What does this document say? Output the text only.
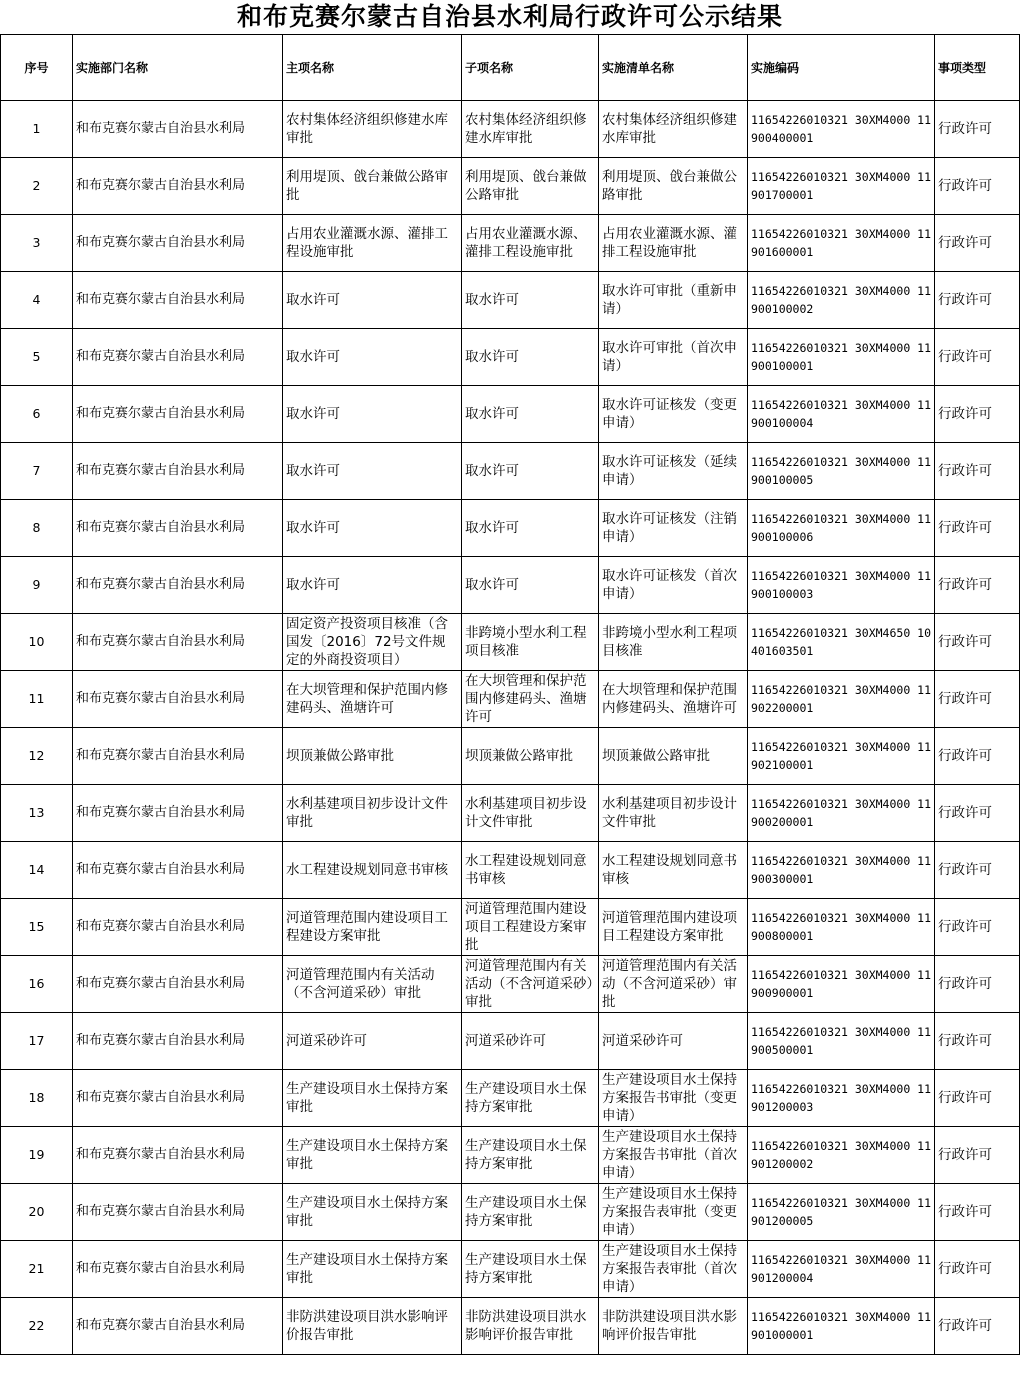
和布克赛尔蒙古自治县水利局行政许可公示结果
序号	实施部门名称	主项名称	子项名称	实施清单名称	实施编码	事项类型
1	和布克赛尔蒙古自治县水利局	农村集体经济组织修建水库审批	农村集体经济组织修建水库审批	农村集体经济组织修建水库审批	11654226010321 30XM4000 11900400001	行政许可
2	和布克赛尔蒙古自治县水利局	利用堤顶、戗台兼做公路审批	利用堤顶、戗台兼做公路审批	利用堤顶、戗台兼做公路审批	11654226010321 30XM4000 11901700001	行政许可
3	和布克赛尔蒙古自治县水利局	占用农业灌溉水源、灌排工程设施审批	占用农业灌溉水源、灌排工程设施审批	占用农业灌溉水源、灌排工程设施审批	11654226010321 30XM4000 11901600001	行政许可
4	和布克赛尔蒙古自治县水利局	取水许可	取水许可	取水许可审批（重新申请）	11654226010321 30XM4000 11900100002	行政许可
5	和布克赛尔蒙古自治县水利局	取水许可	取水许可	取水许可审批（首次申请）	11654226010321 30XM4000 11900100001	行政许可
6	和布克赛尔蒙古自治县水利局	取水许可	取水许可	取水许可证核发（变更申请）	11654226010321 30XM4000 11900100004	行政许可
7	和布克赛尔蒙古自治县水利局	取水许可	取水许可	取水许可证核发（延续申请）	11654226010321 30XM4000 11900100005	行政许可
8	和布克赛尔蒙古自治县水利局	取水许可	取水许可	取水许可证核发（注销申请）	11654226010321 30XM4000 11900100006	行政许可
9	和布克赛尔蒙古自治县水利局	取水许可	取水许可	取水许可证核发（首次申请）	11654226010321 30XM4000 11900100003	行政许可
10	和布克赛尔蒙古自治县水利局	固定资产投资项目核准（含国发〔2016〕72号文件规定的外商投资项目）	非跨境小型水利工程项目核准	非跨境小型水利工程项目核准	11654226010321 30XM4650 10401603501	行政许可
11	和布克赛尔蒙古自治县水利局	在大坝管理和保护范围内修建码头、渔塘许可	在大坝管理和保护范围内修建码头、渔塘许可	在大坝管理和保护范围内修建码头、渔塘许可	11654226010321 30XM4000 11902200001	行政许可
12	和布克赛尔蒙古自治县水利局	坝顶兼做公路审批	坝顶兼做公路审批	坝顶兼做公路审批	11654226010321 30XM4000 11902100001	行政许可
13	和布克赛尔蒙古自治县水利局	水利基建项目初步设计文件审批	水利基建项目初步设计文件审批	水利基建项目初步设计文件审批	11654226010321 30XM4000 11900200001	行政许可
14	和布克赛尔蒙古自治县水利局	水工程建设规划同意书审核	水工程建设规划同意书审核	水工程建设规划同意书审核	11654226010321 30XM4000 11900300001	行政许可
15	和布克赛尔蒙古自治县水利局	河道管理范围内建设项目工程建设方案审批	河道管理范围内建设项目工程建设方案审批	河道管理范围内建设项目工程建设方案审批	11654226010321 30XM4000 11900800001	行政许可
16	和布克赛尔蒙古自治县水利局	河道管理范围内有关活动（不含河道采砂）审批	河道管理范围内有关活动（不含河道采砂）审批	河道管理范围内有关活动（不含河道采砂）审批	11654226010321 30XM4000 11900900001	行政许可
17	和布克赛尔蒙古自治县水利局	河道采砂许可	河道采砂许可	河道采砂许可	11654226010321 30XM4000 11900500001	行政许可
18	和布克赛尔蒙古自治县水利局	生产建设项目水土保持方案审批	生产建设项目水土保持方案审批	生产建设项目水土保持方案报告书审批（变更申请）	11654226010321 30XM4000 11901200003	行政许可
19	和布克赛尔蒙古自治县水利局	生产建设项目水土保持方案审批	生产建设项目水土保持方案审批	生产建设项目水土保持方案报告书审批（首次申请）	11654226010321 30XM4000 11901200002	行政许可
20	和布克赛尔蒙古自治县水利局	生产建设项目水土保持方案审批	生产建设项目水土保持方案审批	生产建设项目水土保持方案报告表审批（变更申请）	11654226010321 30XM4000 11901200005	行政许可
21	和布克赛尔蒙古自治县水利局	生产建设项目水土保持方案审批	生产建设项目水土保持方案审批	生产建设项目水土保持方案报告表审批（首次申请）	11654226010321 30XM4000 11901200004	行政许可
22	和布克赛尔蒙古自治县水利局	非防洪建设项目洪水影响评价报告审批	非防洪建设项目洪水影响评价报告审批	非防洪建设项目洪水影响评价报告审批	11654226010321 30XM4000 11901000001	行政许可
